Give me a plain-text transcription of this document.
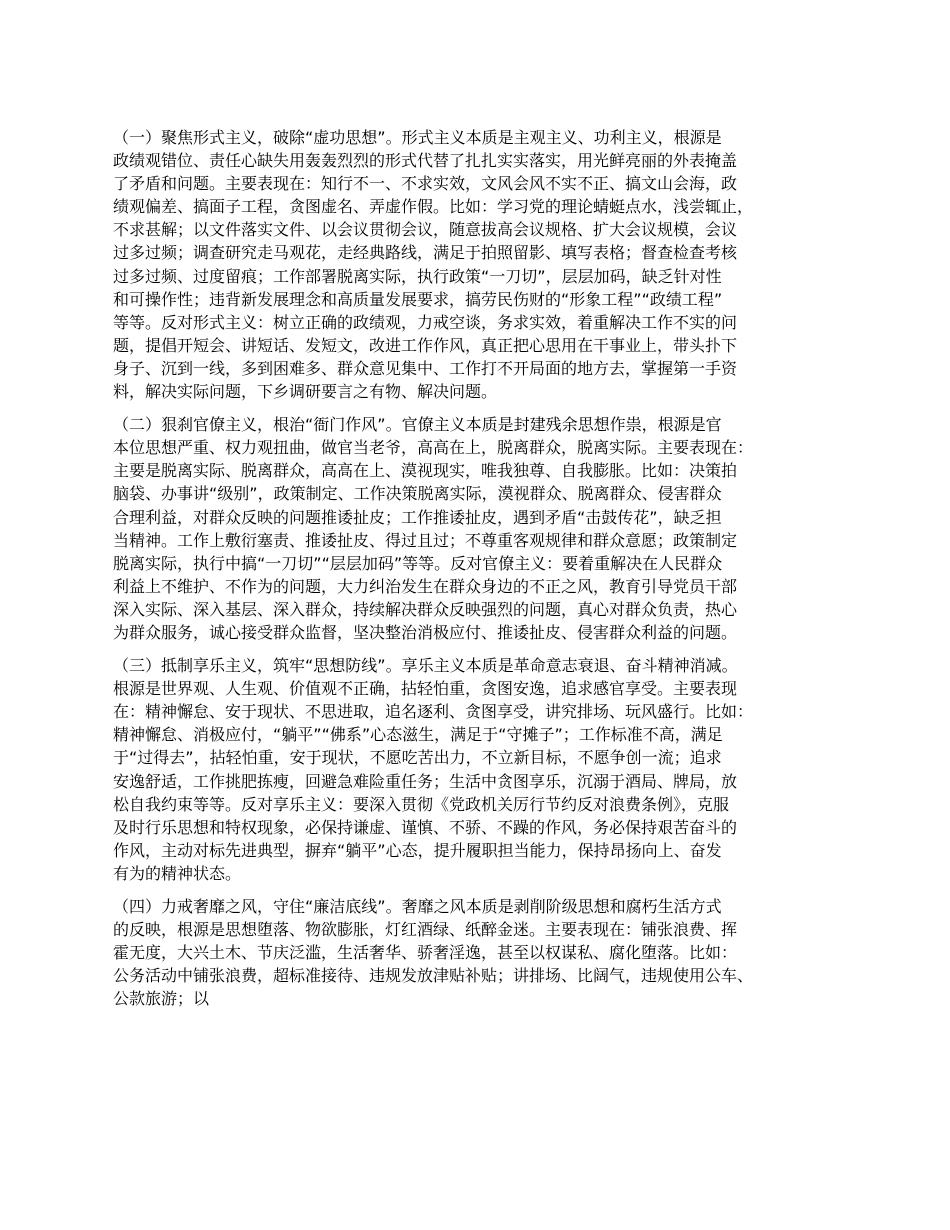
（一）聚焦形式主义，破除“虚功思想”。形式主义本质是主观主义、功利主义，根源是
政绩观错位、责任心缺失用轰轰烈烈的形式代替了扎扎实实落实，用光鲜亮丽的外表掩盖
了矛盾和问题。主要表现在：知行不一、不求实效，文风会风不实不正、搞文山会海，政
绩观偏差、搞面子工程，贪图虚名、弄虚作假。比如：学习党的理论蜻蜓点水，浅尝辄止，
不求甚解；以文件落实文件、以会议贯彻会议，随意拔高会议规格、扩大会议规模，会议
过多过频；调查研究走马观花，走经典路线，满足于拍照留影、填写表格；督查检查考核
过多过频、过度留痕；工作部署脱离实际，执行政策“一刀切”，层层加码，缺乏针对性
和可操作性；违背新发展理念和高质量发展要求，搞劳民伤财的“形象工程”“政绩工程”
等等。反对形式主义：树立正确的政绩观，力戒空谈，务求实效，着重解决工作不实的问
题，提倡开短会、讲短话、发短文，改进工作作风，真正把心思用在干事业上，带头扑下
身子、沉到一线，多到困难多、群众意见集中、工作打不开局面的地方去，掌握第一手资
料，解决实际问题，下乡调研要言之有物、解决问题。
（二）狠刹官僚主义，根治“衙门作风”。官僚主义本质是封建残余思想作祟，根源是官
本位思想严重、权力观扭曲，做官当老爷，高高在上，脱离群众，脱离实际。主要表现在：
主要是脱离实际、脱离群众，高高在上、漠视现实，唯我独尊、自我膨胀。比如：决策拍
脑袋、办事讲“级别”，政策制定、工作决策脱离实际，漠视群众、脱离群众、侵害群众
合理利益，对群众反映的问题推诿扯皮；工作推诿扯皮，遇到矛盾“击鼓传花”，缺乏担
当精神。工作上敷衍塞责、推诿扯皮、得过且过；不尊重客观规律和群众意愿；政策制定
脱离实际，执行中搞“一刀切”“层层加码”等等。反对官僚主义：要着重解决在人民群众
利益上不维护、不作为的问题，大力纠治发生在群众身边的不正之风，教育引导党员干部
深入实际、深入基层、深入群众，持续解决群众反映强烈的问题，真心对群众负责，热心
为群众服务，诚心接受群众监督，坚决整治消极应付、推诿扯皮、侵害群众利益的问题。
（三）抵制享乐主义，筑牢“思想防线”。享乐主义本质是革命意志衰退、奋斗精神消减。
根源是世界观、人生观、价值观不正确，拈轻怕重，贪图安逸，追求感官享受。主要表现
在：精神懈怠、安于现状、不思进取，追名逐利、贪图享受，讲究排场、玩风盛行。比如：
精神懈怠、消极应付，“躺平”“佛系”心态滋生，满足于“守摊子”；工作标准不高，满足
于“过得去”，拈轻怕重，安于现状，不愿吃苦出力，不立新目标，不愿争创一流；追求
安逸舒适，工作挑肥拣瘦，回避急难险重任务；生活中贪图享乐，沉溺于酒局、牌局，放
松自我约束等等。反对享乐主义：要深入贯彻《党政机关厉行节约反对浪费条例》，克服
及时行乐思想和特权现象，必保持谦虚、谨慎、不骄、不躁的作风，务必保持艰苦奋斗的
作风，主动对标先进典型，摒弃“躺平”心态，提升履职担当能力，保持昂扬向上、奋发
有为的精神状态。
（四）力戒奢靡之风，守住“廉洁底线”。奢靡之风本质是剥削阶级思想和腐朽生活方式
的反映，根源是思想堕落、物欲膨胀，灯红酒绿、纸醉金迷。主要表现在：铺张浪费、挥
霍无度，大兴土木、节庆泛滥，生活奢华、骄奢淫逸，甚至以权谋私、腐化堕落。比如：
公务活动中铺张浪费，超标准接待、违规发放津贴补贴；讲排场、比阔气，违规使用公车、
公款旅游；以
